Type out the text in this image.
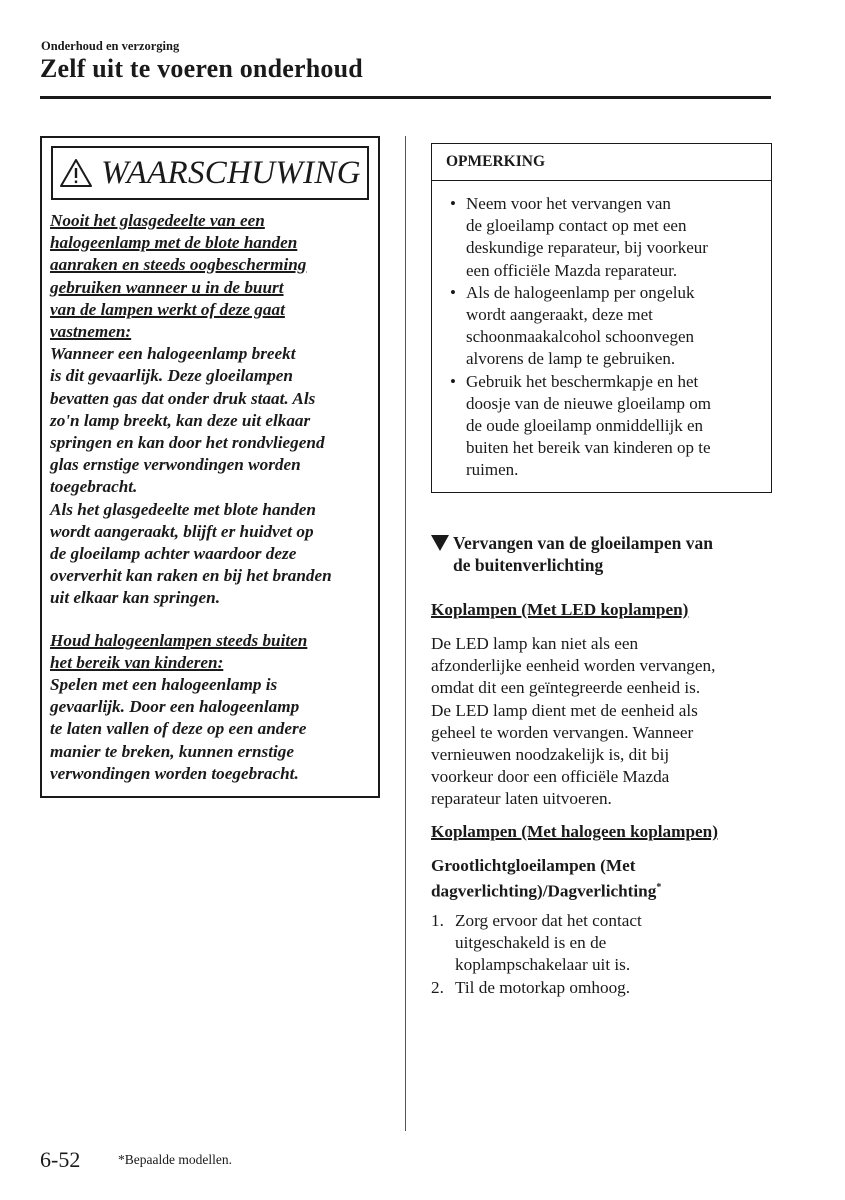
Onderhoud en verzorging
Zelf uit te voeren onderhoud
WAARSCHUWING

Nooit het glasgedeelte van een

halogeenlamp met de blote handen

aanraken en steeds oogbescherming

gebruiken wanneer u in de buurt

van de lampen werkt of deze gaat

vastnemen:

Wanneer een halogeenlamp breekt

is dit gevaarlijk. Deze gloeilampen

bevatten gas dat onder druk staat. Als

zo'n lamp breekt, kan deze uit elkaar

springen en kan door het rondvliegend

glas ernstige verwondingen worden

toegebracht.

Als het glasgedeelte met blote handen

wordt aangeraakt, blijft er huidvet op

de gloeilamp achter waardoor deze

oververhit kan raken en bij het branden

uit elkaar kan springen.

Houd halogeenlampen steeds buiten

het bereik van kinderen:

Spelen met een halogeenlamp is

gevaarlijk. Door een halogeenlamp

te laten vallen of deze op een andere

manier te breken, kunnen ernstige

verwondingen worden toegebracht.

OPMERKING
• Neem voor het vervangen van
de gloeilamp contact op met een
deskundige reparateur, bij voorkeur
een officiële Mazda reparateur.
• Als de halogeenlamp per ongeluk
wordt aangeraakt, deze met
schoonmaakalcohol schoonvegen
alvorens de lamp te gebruiken.
• Gebruik het beschermkapje en het
doosje van de nieuwe gloeilamp om
de oude gloeilamp onmiddellijk en
buiten het bereik van kinderen op te
ruimen.
Vervangen van de gloeilampen van
de buitenverlichting
Koplampen (Met LED koplampen)
De LED lamp kan niet als een
afzonderlijke eenheid worden vervangen,
omdat dit een geïntegreerde eenheid is.
De LED lamp dient met de eenheid als
geheel te worden vervangen. Wanneer
vernieuwen noodzakelijk is, dit bij
voorkeur door een officiële Mazda
reparateur laten uitvoeren.
Koplampen (Met halogeen koplampen)
Grootlichtgloeilampen (Met
dagverlichting)/Dagverlichting*
1. Zorg ervoor dat het contact
uitgeschakeld is en de
koplampschakelaar uit is.
2. Til de motorkap omhoog.
6-52	*Bepaalde modellen.
